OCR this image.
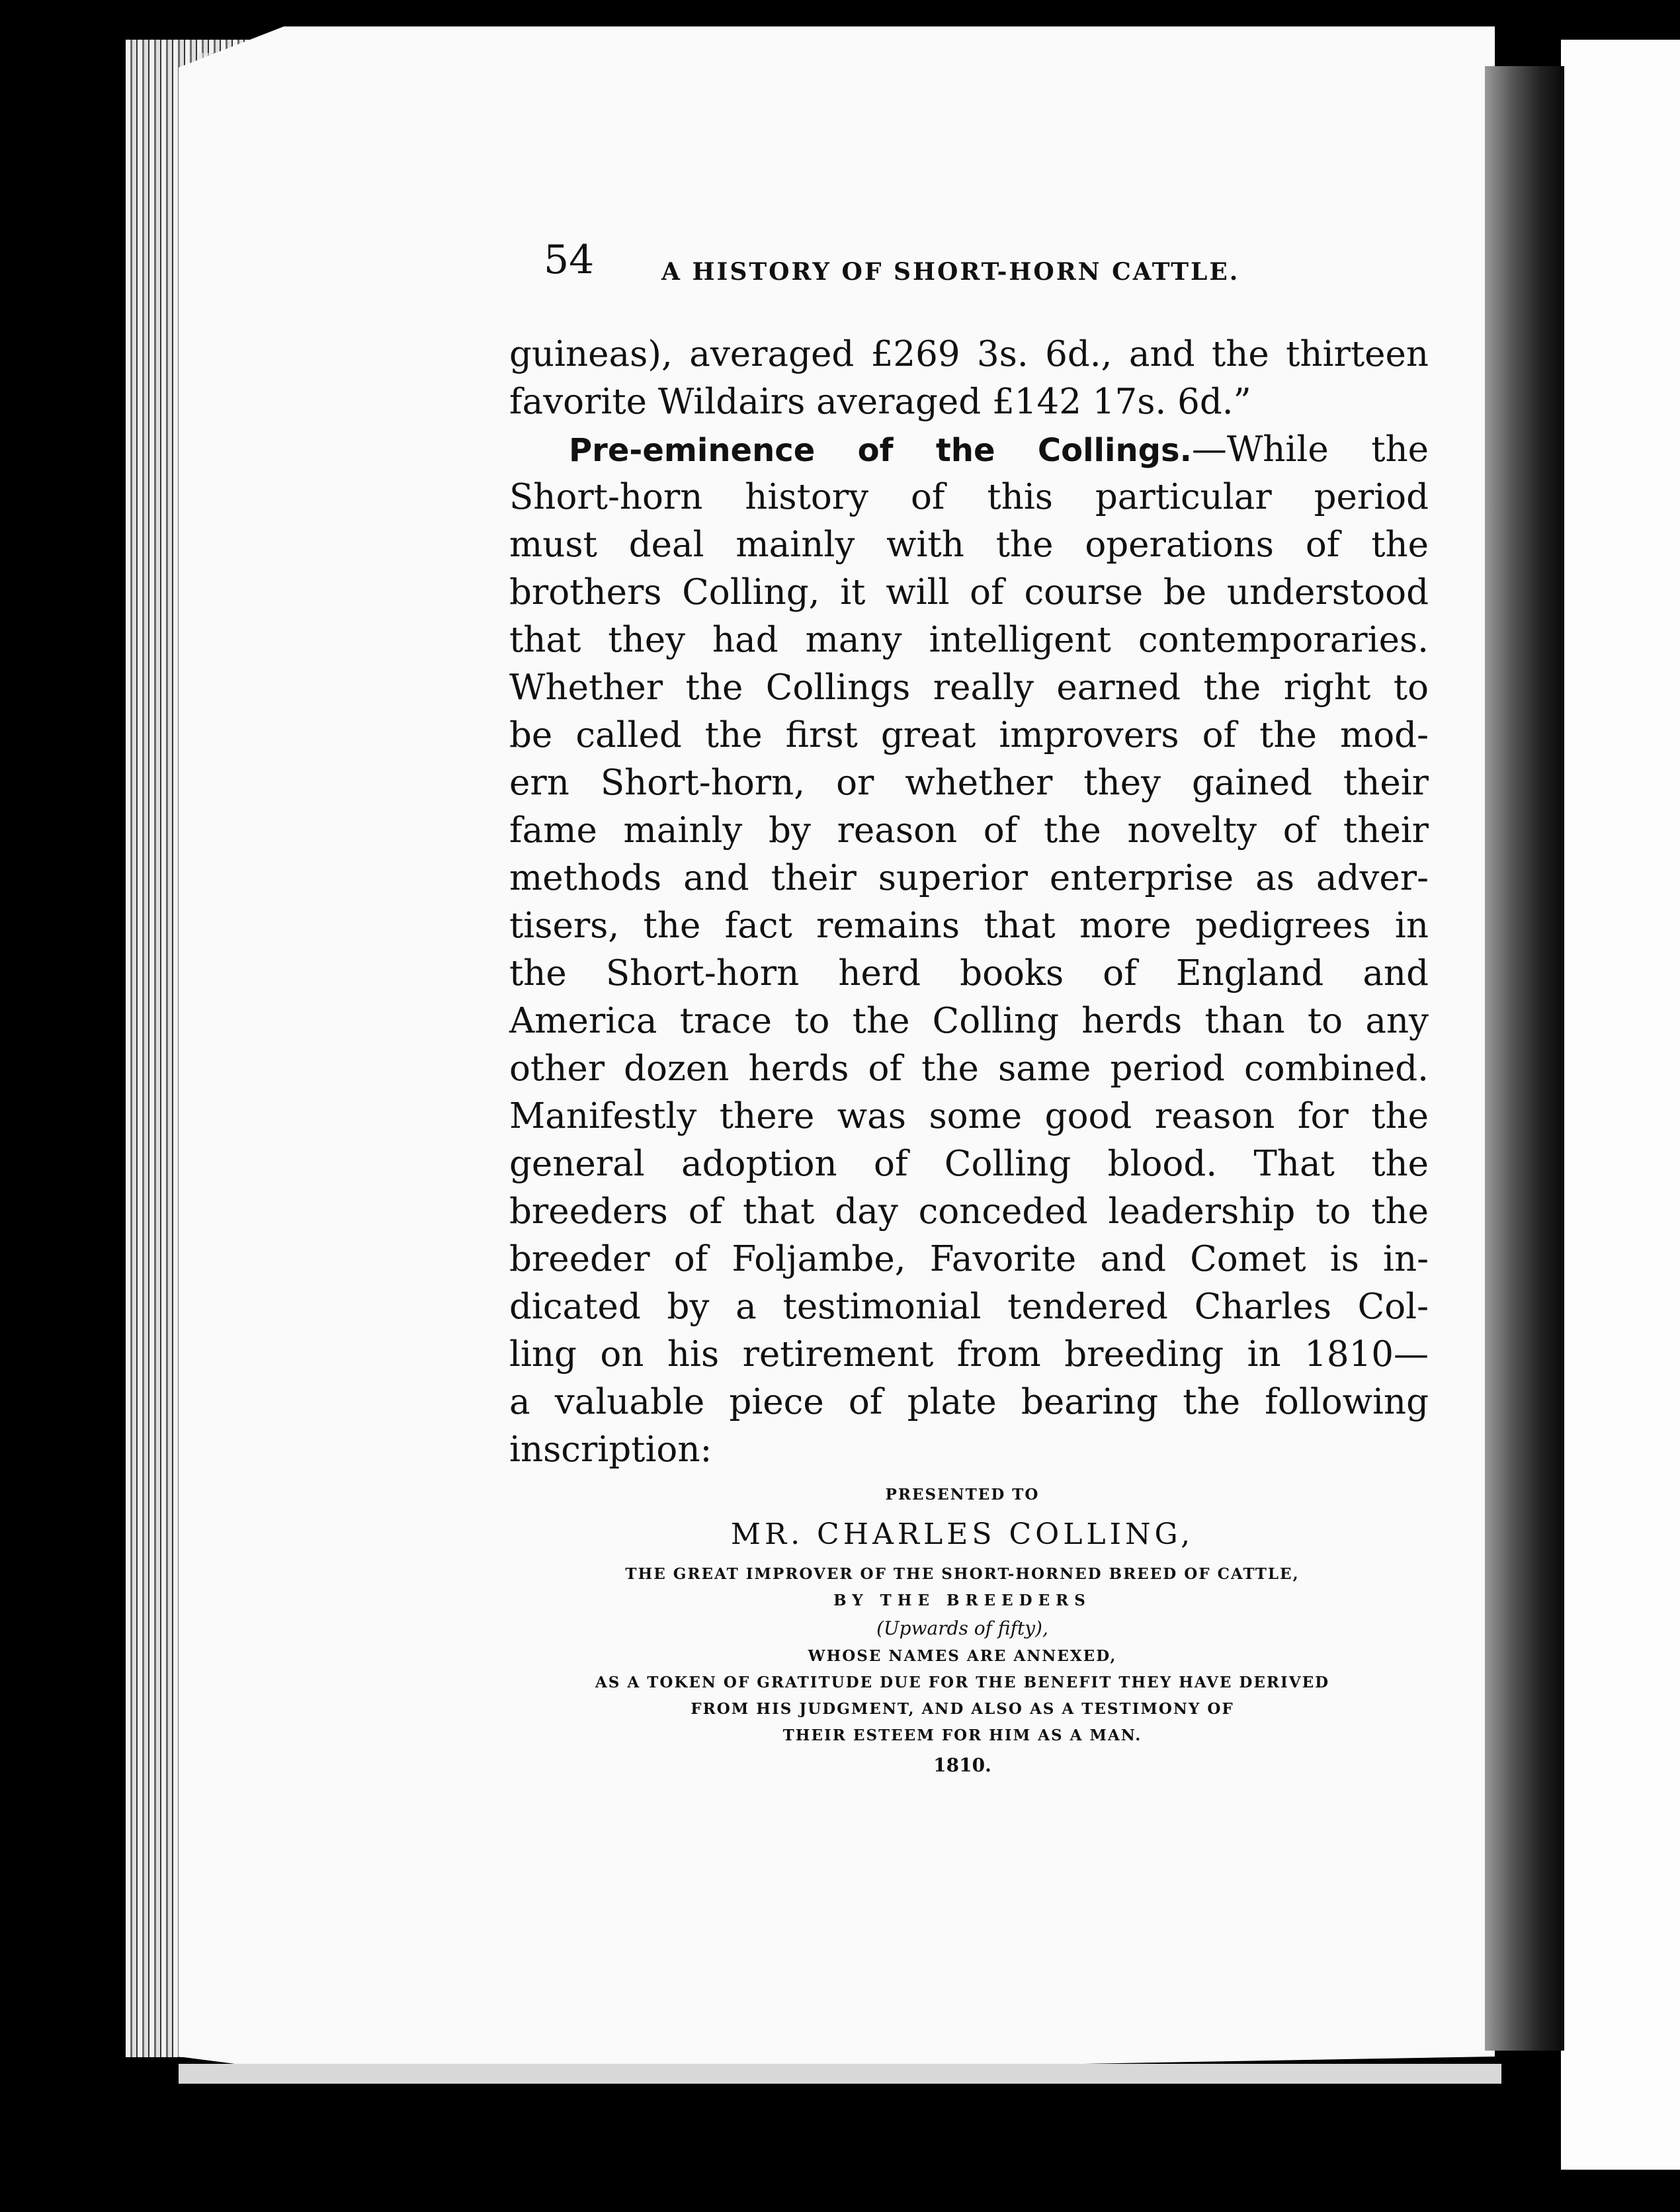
54	A HISTORY OF SHORT-HORN CATTLE.
guineas), averaged £269 3s. 6d., and the thirteen
favorite Wildairs averaged £142 17s. 6d.”
Pre-eminence of the Collings.—While the
Short-horn history of this particular period
must deal mainly with the operations of the
brothers Colling, it will of course be understood
that they had many intelligent contemporaries.
Whether the Collings really earned the right to
be called the first great improvers of the mod-
ern Short-horn, or whether they gained their
fame mainly by reason of the novelty of their
methods and their superior enterprise as adver-
tisers, the fact remains that more pedigrees in
the Short-horn herd books of England and
America trace to the Colling herds than to any
other dozen herds of the same period combined.
Manifestly there was some good reason for the
general adoption of Colling blood. That the
breeders of that day conceded leadership to the
breeder of Foljambe, Favorite and Comet is in-
dicated by a testimonial tendered Charles Col-
ling on his retirement from breeding in 1810—
a valuable piece of plate bearing the following
inscription:
PRESENTED TO
MR. CHARLES COLLING,
THE GREAT IMPROVER OF THE SHORT-HORNED BREED OF CATTLE,
BY THE BREEDERS
(Upwards of fifty),
WHOSE NAMES ARE ANNEXED,
AS A TOKEN OF GRATITUDE DUE FOR THE BENEFIT THEY HAVE DERIVED
FROM HIS JUDGMENT, AND ALSO AS A TESTIMONY OF
THEIR ESTEEM FOR HIM AS A MAN.
1810.
